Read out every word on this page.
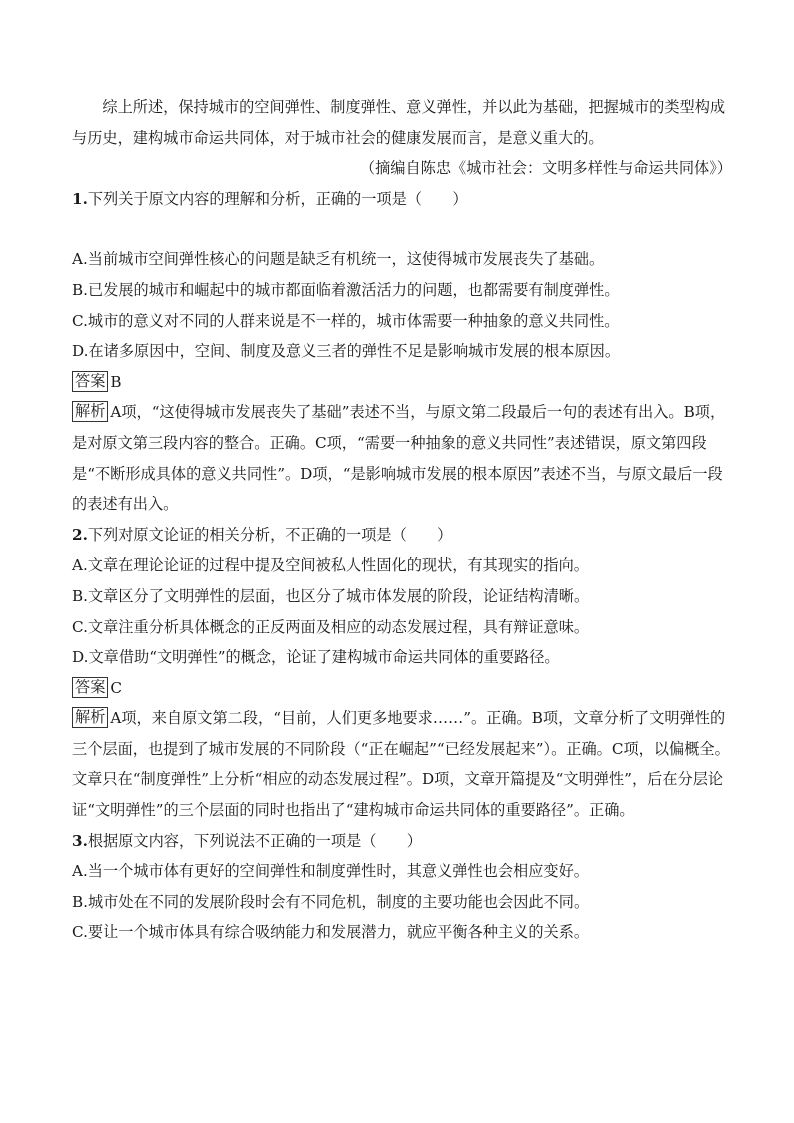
综上所述，保持城市的空间弹性、制度弹性、意义弹性，并以此为基础，把握城市的类型构成与历史，建构城市命运共同体，对于城市社会的健康发展而言，是意义重大的。

（摘编自陈忠《城市社会：文明多样性与命运共同体》）

1.下列关于原文内容的理解和分析，正确的一项是（　　）

A.当前城市空间弹性核心的问题是缺乏有机统一，这使得城市发展丧失了基础。

B.已发展的城市和崛起中的城市都面临着激活活力的问题，也都需要有制度弹性。

C.城市的意义对不同的人群来说是不一样的，城市体需要一种抽象的意义共同性。

D.在诸多原因中，空间、制度及意义三者的弹性不足是影响城市发展的根本原因。

答案 B

解析 A项，“这使得城市发展丧失了基础”表述不当，与原文第二段最后一句的表述有出入。B项，是对原文第三段内容的整合。正确。C项，“需要一种抽象的意义共同性”表述错误，原文第四段是“不断形成具体的意义共同性”。D项，“是影响城市发展的根本原因”表述不当，与原文最后一段的表述有出入。

2.下列对原文论证的相关分析，不正确的一项是（　　）

A.文章在理论论证的过程中提及空间被私人性固化的现状，有其现实的指向。

B.文章区分了文明弹性的层面，也区分了城市体发展的阶段，论证结构清晰。

C.文章注重分析具体概念的正反两面及相应的动态发展过程，具有辩证意味。

D.文章借助“文明弹性”的概念，论证了建构城市命运共同体的重要路径。

答案 C

解析 A项，来自原文第二段，“目前，人们更多地要求……”。正确。B项，文章分析了文明弹性的三个层面，也提到了城市发展的不同阶段（“正在崛起”“已经发展起来”）。正确。C项，以偏概全。文章只在“制度弹性”上分析“相应的动态发展过程”。D项，文章开篇提及“文明弹性”，后在分层论证“文明弹性”的三个层面的同时也指出了“建构城市命运共同体的重要路径”。正确。

3.根据原文内容，下列说法不正确的一项是（　　）

A.当一个城市体有更好的空间弹性和制度弹性时，其意义弹性也会相应变好。

B.城市处在不同的发展阶段时会有不同危机，制度的主要功能也会因此不同。

C.要让一个城市体具有综合吸纳能力和发展潜力，就应平衡各种主义的关系。
